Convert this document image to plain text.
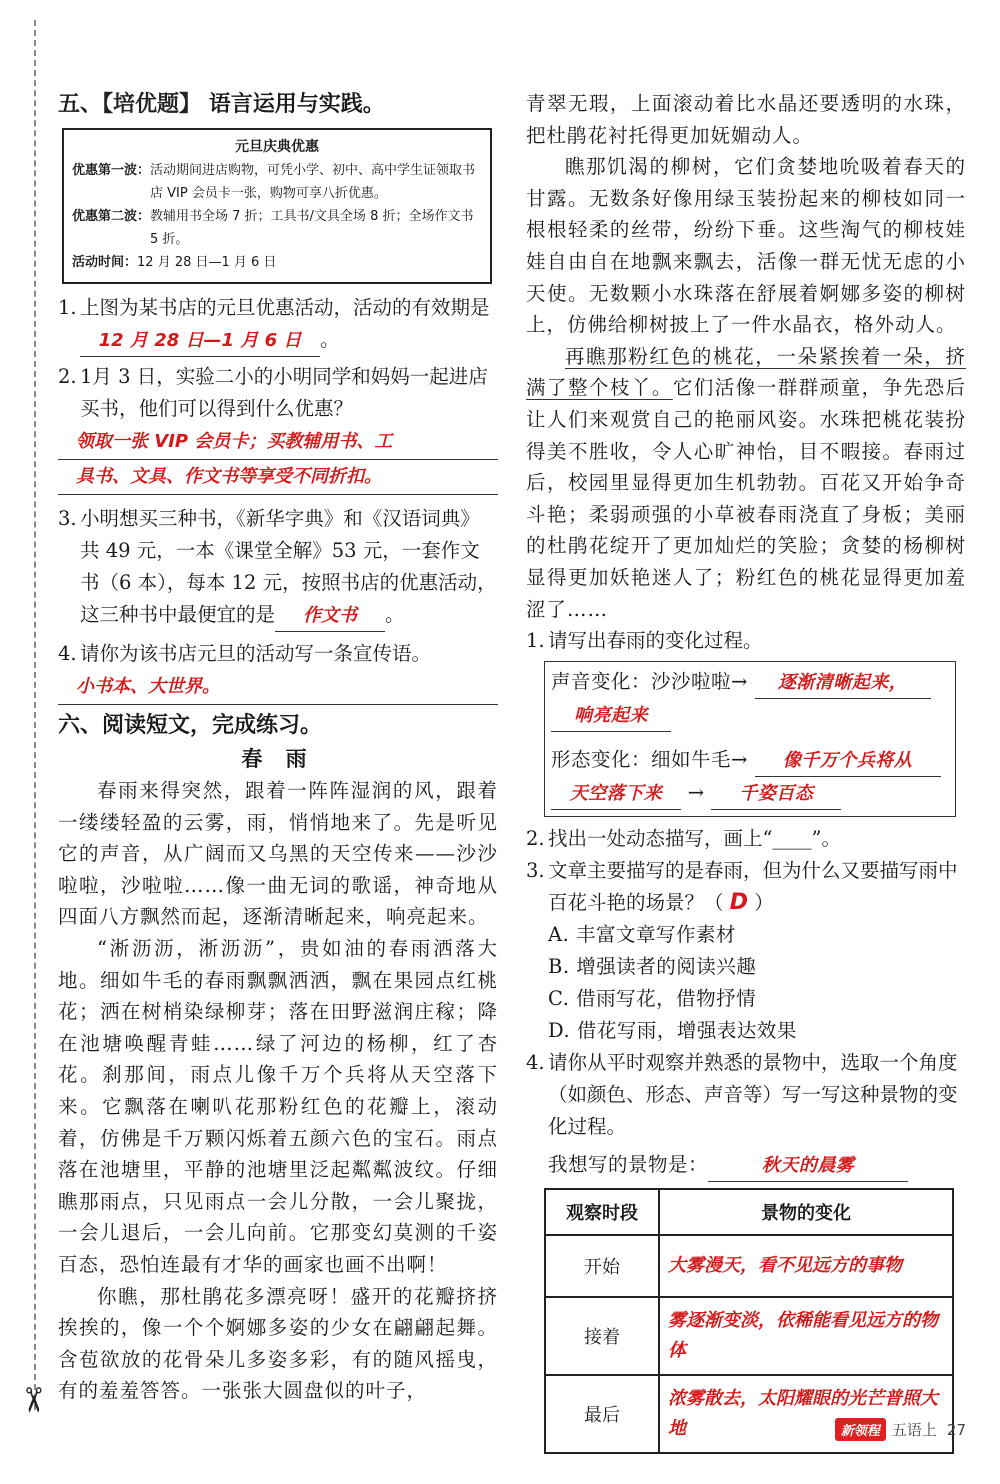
✂
五、【培优题】 语言运用与实践。
元旦庆典优惠
优惠第一波： 活动期间进店购物，可凭小学、初中、高中学生证领取书店 VIP 会员卡一张，购物可享八折优惠。
优惠第二波： 教辅用书全场 7 折；工具书/文具全场 8 折；全场作文书 5 折。
活动时间： 12 月 28 日—1 月 6 日
1. 上图为某书店的元旦优惠活动，活动的有效期是 12 月 28 日—1 月 6 日 。
2. 1月 3 日，实验二小的小明同学和妈妈一起进店买书，他们可以得到什么优惠？
领取一张 VIP 会员卡；买教辅用书、工
具书、文具、作文书等享受不同折扣。
3. 小明想买三种书，《新华字典》和《汉语词典》共 49 元，一本《课堂全解》53 元，一套作文书（6 本），每本 12 元，按照书店的优惠活动，这三种书中最便宜的是 作文书 。
4. 请你为该书店元旦的活动写一条宣传语。
小书本、大世界。
六、阅读短文，完成练习。
春 雨

春雨来得突然，跟着一阵阵湿润的风，跟着一缕缕轻盈的云雾，雨，悄悄地来了。先是听见它的声音，从广阔而又乌黑的天空传来——沙沙啦啦，沙啦啦……像一曲无词的歌谣，神奇地从四面八方飘然而起，逐渐清晰起来，响亮起来。

“淅沥沥，淅沥沥”，贵如油的春雨洒落大地。细如牛毛的春雨飘飘洒洒，飘在果园点红桃花；洒在树梢染绿柳芽；落在田野滋润庄稼；降在池塘唤醒青蛙……绿了河边的杨柳，红了杏花。刹那间，雨点儿像千万个兵将从天空落下来。它飘落在喇叭花那粉红色的花瓣上，滚动着，仿佛是千万颗闪烁着五颜六色的宝石。雨点落在池塘里，平静的池塘里泛起粼粼波纹。仔细瞧那雨点，只见雨点一会儿分散，一会儿聚拢，一会儿退后，一会儿向前。它那变幻莫测的千姿百态，恐怕连最有才华的画家也画不出啊！

你瞧，那杜鹃花多漂亮呀！盛开的花瓣挤挤挨挨的，像一个个婀娜多姿的少女在翩翩起舞。含苞欲放的花骨朵儿多姿多彩，有的随风摇曳，有的羞羞答答。一张张大圆盘似的叶子，

青翠无瑕，上面滚动着比水晶还要透明的水珠，把杜鹃花衬托得更加妩媚动人。

瞧那饥渴的柳树，它们贪婪地吮吸着春天的甘露。无数条好像用绿玉装扮起来的柳枝如同一根根轻柔的丝带，纷纷下垂。这些淘气的柳枝娃娃自由自在地飘来飘去，活像一群无忧无虑的小天使。无数颗小水珠落在舒展着婀娜多姿的柳树上，仿佛给柳树披上了一件水晶衣，格外动人。

再瞧那粉红色的桃花，一朵紧挨着一朵，挤满了整个枝丫。它们活像一群群顽童，争先恐后让人们来观赏自己的艳丽风姿。水珠把桃花装扮得美不胜收，令人心旷神怡，目不暇接。春雨过后，校园里显得更加生机勃勃。百花又开始争奇斗艳；柔弱顽强的小草被春雨浇直了身板；美丽的杜鹃花绽开了更加灿烂的笑脸；贪婪的杨柳树显得更加妖艳迷人了；粉红色的桃花显得更加羞涩了……

1. 请写出春雨的变化过程。
声音变化：沙沙啦啦→ 逐渐清晰起来，
响亮起来
形态变化：细如牛毛→ 像千万个兵将从
天空落下来 → 千姿百态
2. 找出一处动态描写，画上“____”。
3. 文章主要描写的是春雨，但为什么又要描写雨中百花斗艳的场景？（ D ）
A. 丰富文章写作素材
B. 增强读者的阅读兴趣
C. 借雨写花，借物抒情
D. 借花写雨，增强表达效果
4. 请你从平时观察并熟悉的景物中，选取一个角度（如颜色、形态、声音等）写一写这种景物的变化过程。
我想写的景物是：	秋天的晨雾
观察时段	景物的变化
开始	大雾漫天，看不见远方的事物
接着	雾逐渐变淡，依稀能看见远方的物体
最后	浓雾散去，太阳耀眼的光芒普照大地	新领程 五语上 27
